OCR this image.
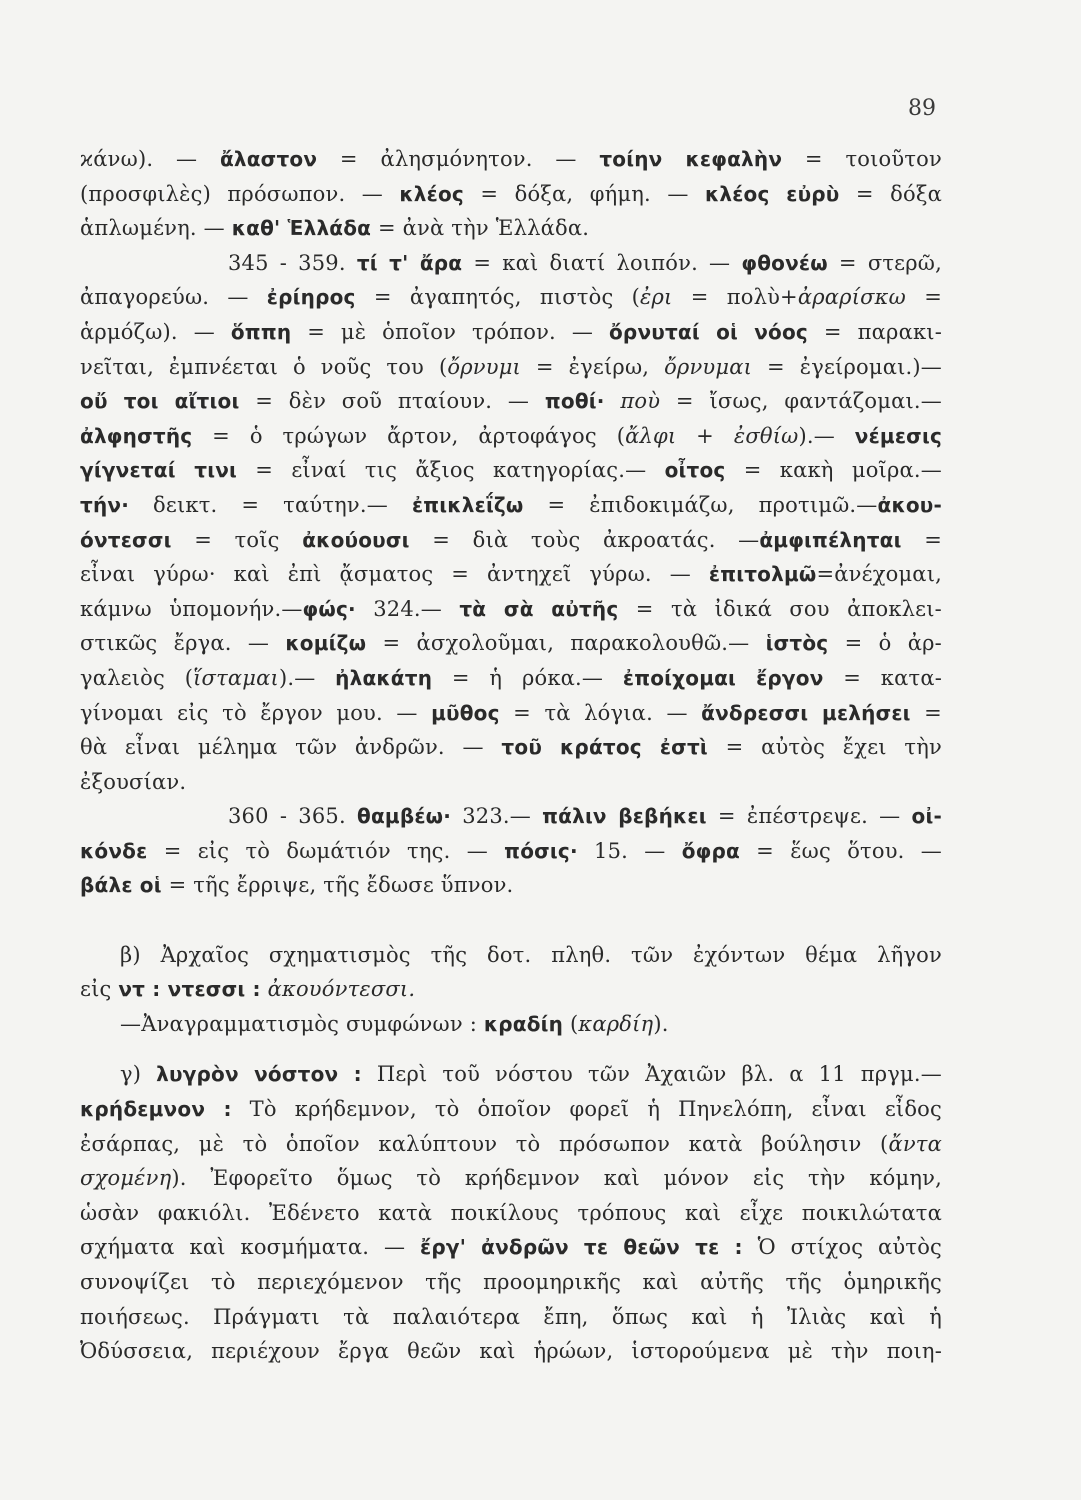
89
ϰάνω). — ἄλαστον = ἀλησμόνητον. — τοίην κεφαλὴν = τοιοῦτον
(προσφιλὲς) πρόσωπον. — κλέος = δόξα, φήμη. — κλέος εὐρὺ = δόξα
ἁπλωμένη. — καθ' Ἑλλάδα = ἀνὰ τὴν Ἑλλάδα.
345 - 359. τί τ' ἄρα = καὶ διατί λοιπόν. — φθονέω = στερῶ,
ἀπαγορεύω. — ἐρίηρος = ἀγαπητός, πιστὸς (ἐρι = πολὺ+ἀραρίσκω =
ἁρμόζω). — ὅππη = μὲ ὁποῖον τρόπον. — ὄρνυταί οἱ νόος = παρακι-
νεῖται, ἐμπνέεται ὁ νοῦς του (ὄρνυμι = ἐγείρω, ὄρνυμαι = ἐγείρομαι.)—
οὔ τοι αἴτιοι = δὲν σοῦ πταίουν. — ποθί· ποὺ = ἴσως, φαντάζομαι.—
ἀλφηστῆς = ὁ τρώγων ἄρτον, ἀρτοφάγος (ἄλφι + ἐσθίω).— νέμεσις
γίγνεταί τινι = εἶναί τις ἄξιος κατηγορίας.— οἶτος = κακὴ μοῖρα.—
τήν· δεικτ. = ταύτην.— ἐπικλεΐζω = ἐπιδοκιμάζω, προτιμῶ.—ἀκου-
όντεσσι = τοῖς ἀκούουσι = διὰ τοὺς ἀκροατάς. —ἀμφιπέληται =
εἶναι γύρω· καὶ ἐπὶ ᾄσματος = ἀντηχεῖ γύρω. — ἐπιτολμῶ=ἀνέχομαι,
κάμνω ὑπομονήν.—φώς· 324.— τὰ σὰ αὐτῆς = τὰ ἰδικά σου ἀποκλει-
στικῶς ἔργα. — κομίζω = ἀσχολοῦμαι, παρακολουθῶ.— ἱστὸς = ὁ ἀρ-
γαλειὸς (ἵσταμαι).— ἠλακάτη = ἡ ρόκα.— ἐποίχομαι ἔργον = κατα-
γίνομαι εἰς τὸ ἔργον μου. — μῦθος = τὰ λόγια. — ἄνδρεσσι μελήσει =
θὰ εἶναι μέλημα τῶν ἀνδρῶν. — τοῦ κράτος ἐστὶ = αὐτὸς ἔχει τὴν
ἐξουσίαν.
360 - 365. θαμβέω· 323.— πάλιν βεβήκει = ἐπέστρεψε. — οἰ-
κόνδε = εἰς τὸ δωμάτιόν της. — πόσις· 15. — ὄφρα = ἕως ὅτου. —
βάλε οἱ = τῆς ἔρριψε, τῆς ἔδωσε ὕπνον.
β) Ἀρχαῖος σχηματισμὸς τῆς δοτ. πληθ. τῶν ἐχόντων θέμα λῆγον
εἰς ντ : ντεσσι : ἀκουόντεσσι.
—Ἀναγραμματισμὸς συμφώνων : κραδίη (καρδίη).
γ) λυγρὸν νόστον : Περὶ τοῦ νόστου τῶν Ἀχαιῶν βλ. α 11 πργμ.—
κρήδεμνον : Τὸ κρήδεμνον, τὸ ὁποῖον φορεῖ ἡ Πηνελόπη, εἶναι εἶδος
ἐσάρπας, μὲ τὸ ὁποῖον καλύπτουν τὸ πρόσωπον κατὰ βούλησιν (ἄντα
σχομένη). Ἐφορεῖτο ὅμως τὸ κρήδεμνον καὶ μόνον εἰς τὴν κόμην,
ὡσὰν φακιόλι. Ἐδένετο κατὰ ποικίλους τρόπους καὶ εἶχε ποικιλώτατα
σχήματα καὶ κοσμήματα. — ἔργ' ἀνδρῶν τε θεῶν τε : Ὁ στίχος αὐτὸς
συνοψίζει τὸ περιεχόμενον τῆς προομηρικῆς καὶ αὐτῆς τῆς ὁμηρικῆς
ποιήσεως. Πράγματι τὰ παλαιότερα ἔπη, ὅπως καὶ ἡ Ἰλιὰς καὶ ἡ
Ὀδύσσεια, περιέχουν ἔργα θεῶν καὶ ἡρώων, ἱστορούμενα μὲ τὴν ποιη-
